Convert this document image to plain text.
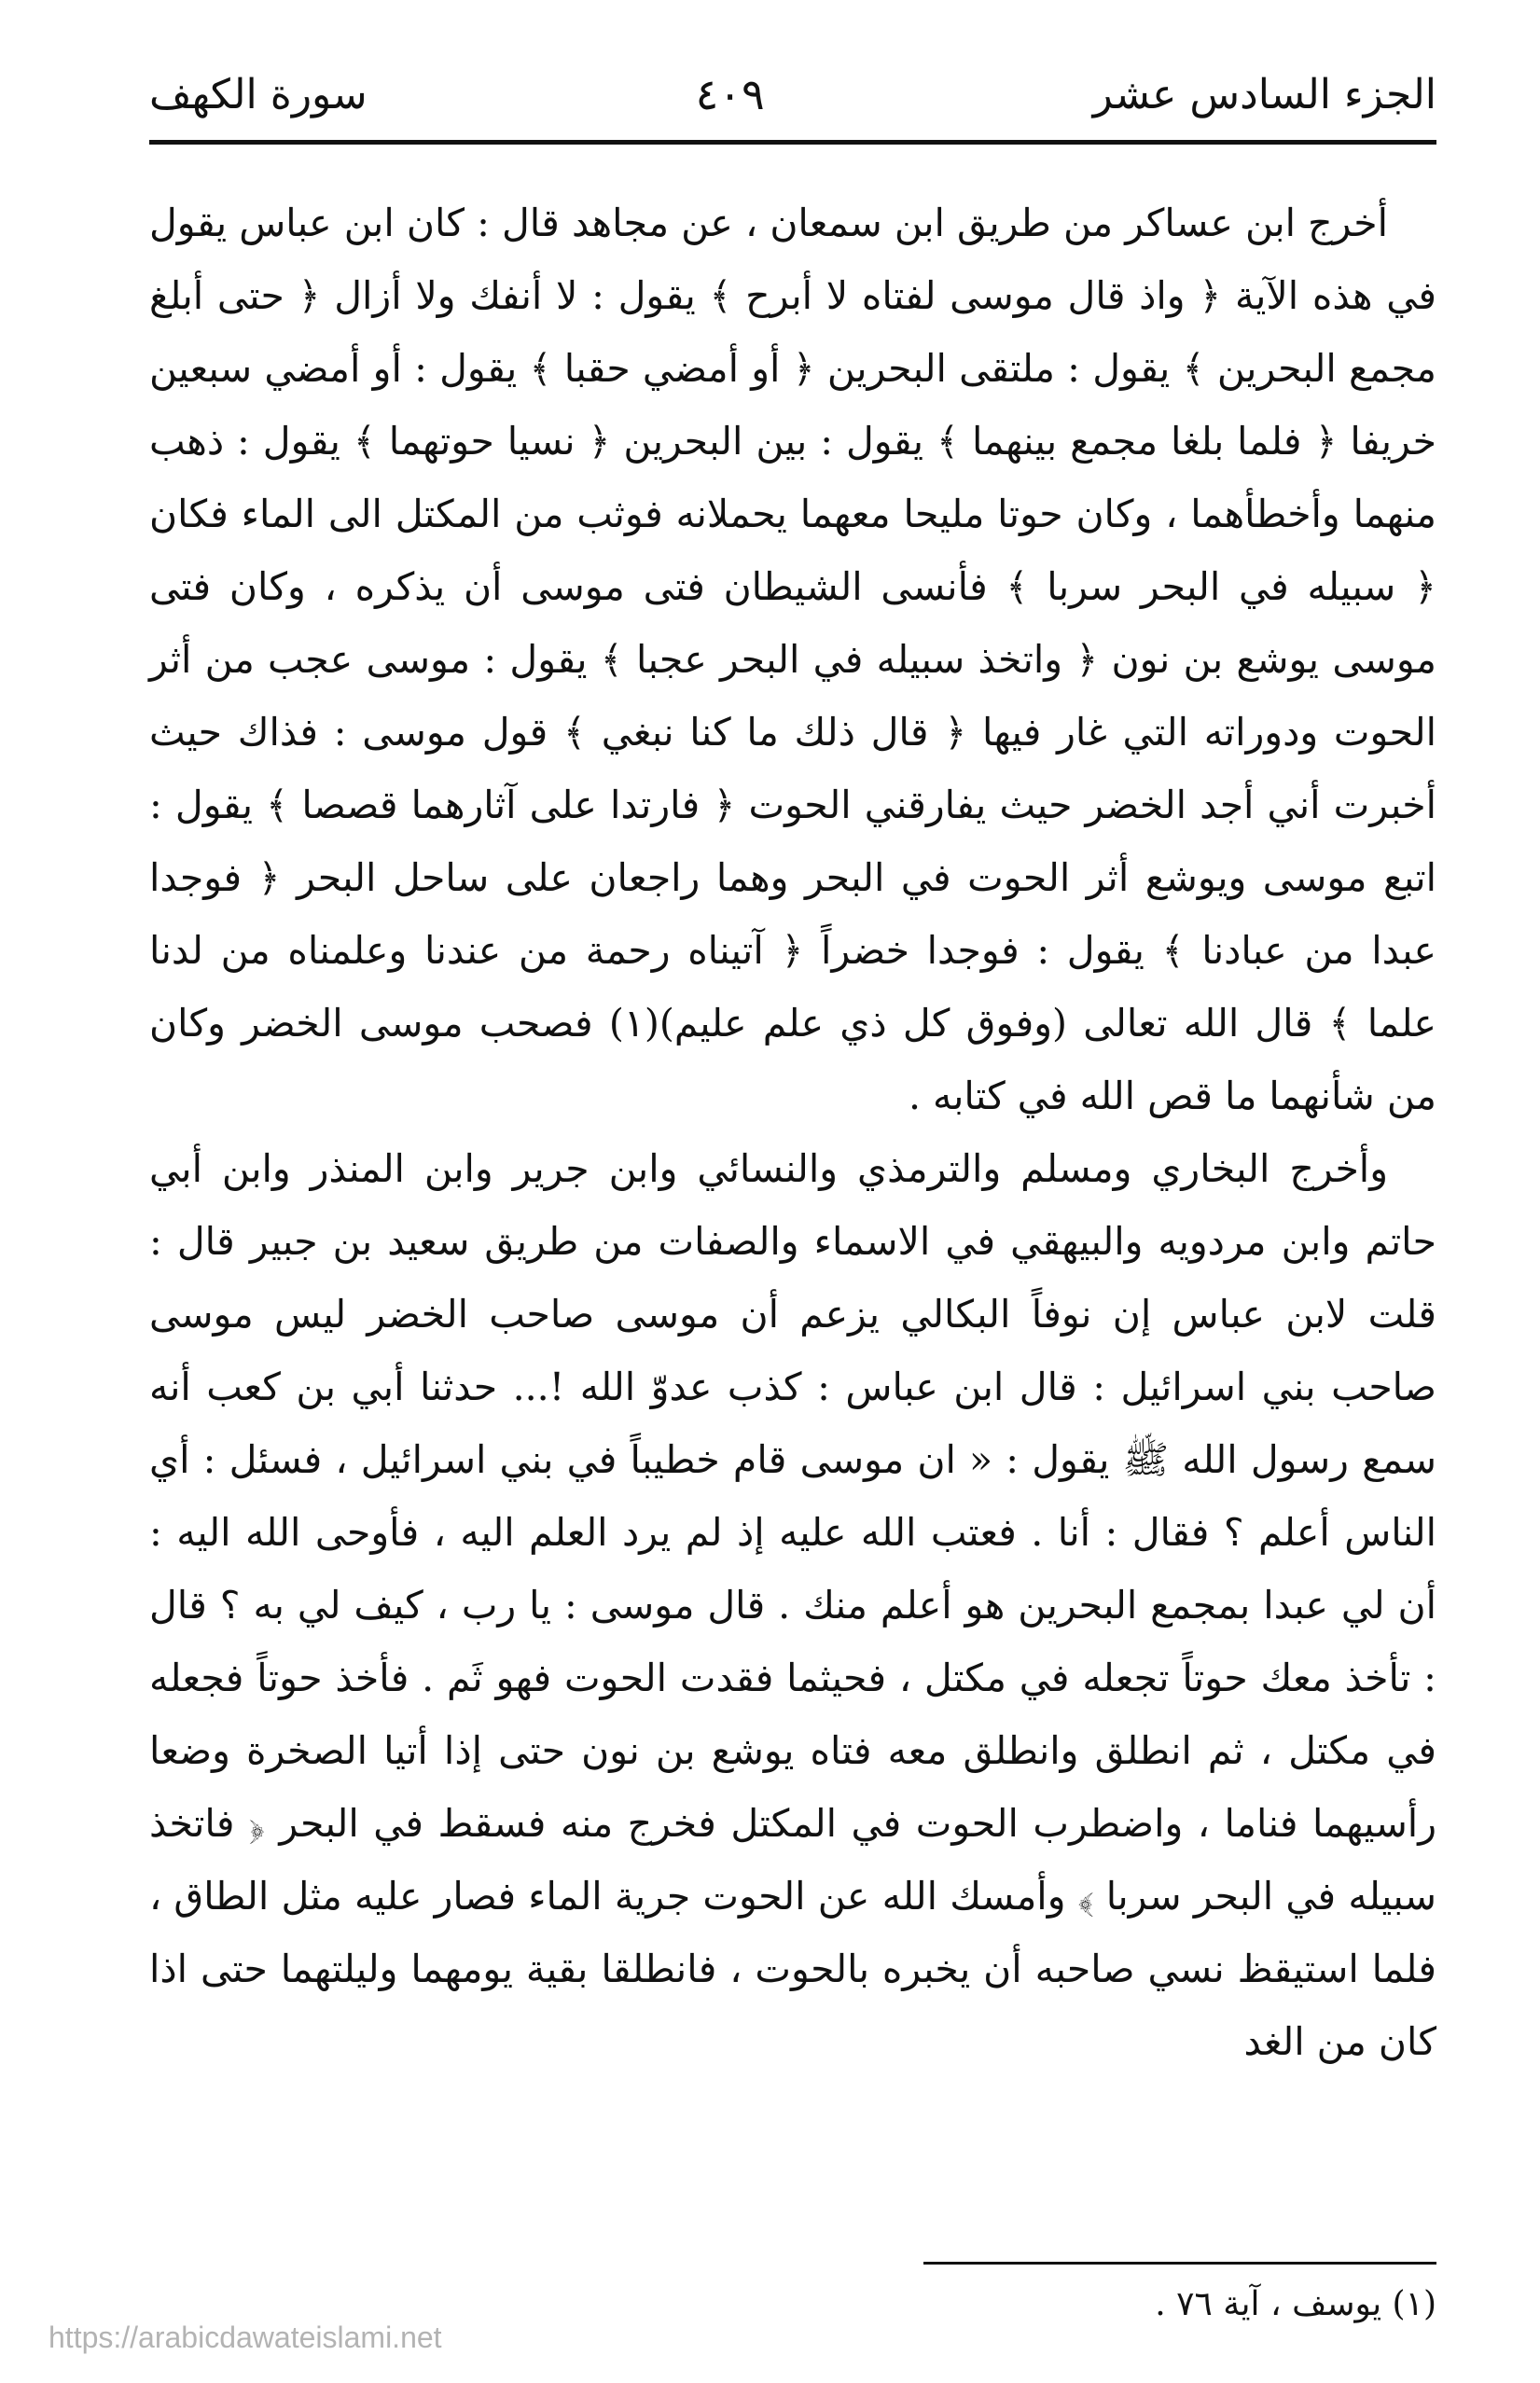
الجزء السادس عشر
٤٠٩
سورة الكهف

أخرج ابن عساكر من طريق ابن سمعان ، عن مجاهد قال : كان ابن عباس يقول في هذه الآية ﴿ واذ قال موسى لفتاه لا أبرح ﴾ يقول : لا أنفك ولا أزال ﴿ حتى أبلغ مجمع البحرين ﴾ يقول : ملتقى البحرين ﴿ أو أمضي حقبا ﴾ يقول : أو أمضي سبعين خريفا ﴿ فلما بلغا مجمع بينهما ﴾ يقول : بين البحرين ﴿ نسيا حوتهما ﴾ يقول : ذهب منهما وأخطأهما ، وكان حوتا مليحا معهما يحملانه فوثب من المكتل الى الماء فكان ﴿ سبيله في البحر سربا ﴾ فأنسى الشيطان فتى موسى أن يذكره ، وكان فتى موسى يوشع بن نون ﴿ واتخذ سبيله في البحر عجبا ﴾ يقول : موسى عجب من أثر الحوت ودوراته التي غار فيها ﴿ قال ذلك ما كنا نبغي ﴾ قول موسى : فذاك حيث أخبرت أني أجد الخضر حيث يفارقني الحوت ﴿ فارتدا على آثارهما قصصا ﴾ يقول : اتبع موسى ويوشع أثر الحوت في البحر وهما راجعان على ساحل البحر ﴿ فوجدا عبدا من عبادنا ﴾ يقول : فوجدا خضراً ﴿ آتيناه رحمة من عندنا وعلمناه من لدنا علما ﴾ قال الله تعالى (وفوق كل ذي علم عليم)(١) فصحب موسى الخضر وكان من شأنهما ما قص الله في كتابه .

وأخرج البخاري ومسلم والترمذي والنسائي وابن جرير وابن المنذر وابن أبي حاتم وابن مردويه والبيهقي في الاسماء والصفات من طريق سعيد بن جبير قال : قلت لابن عباس إن نوفاً البكالي يزعم أن موسى صاحب الخضر ليس موسى صاحب بني اسرائيل : قال ابن عباس : كذب عدوّ الله !... حدثنا أبي بن كعب أنه سمع رسول الله ﷺ يقول : « ان موسى قام خطيباً في بني اسرائيل ، فسئل : أي الناس أعلم ؟ فقال : أنا . فعتب الله عليه إذ لم يرد العلم اليه ، فأوحى الله اليه : أن لي عبدا بمجمع البحرين هو أعلم منك . قال موسى : يا رب ، كيف لي به ؟ قال : تأخذ معك حوتاً تجعله في مكتل ، فحيثما فقدت الحوت فهو ثَم . فأخذ حوتاً فجعله في مكتل ، ثم انطلق وانطلق معه فتاه يوشع بن نون حتى إذا أتيا الصخرة وضعا رأسيهما فناما ، واضطرب الحوت في المكتل فخرج منه فسقط في البحر ﴿ فاتخذ سبيله في البحر سربا ﴾ وأمسك الله عن الحوت جرية الماء فصار عليه مثل الطاق ، فلما استيقظ نسي صاحبه أن يخبره بالحوت ، فانطلقا بقية يومهما وليلتهما حتى اذا كان من الغد

(١) يوسف ، آية ٧٦ .
https://arabicdawateislami.net
